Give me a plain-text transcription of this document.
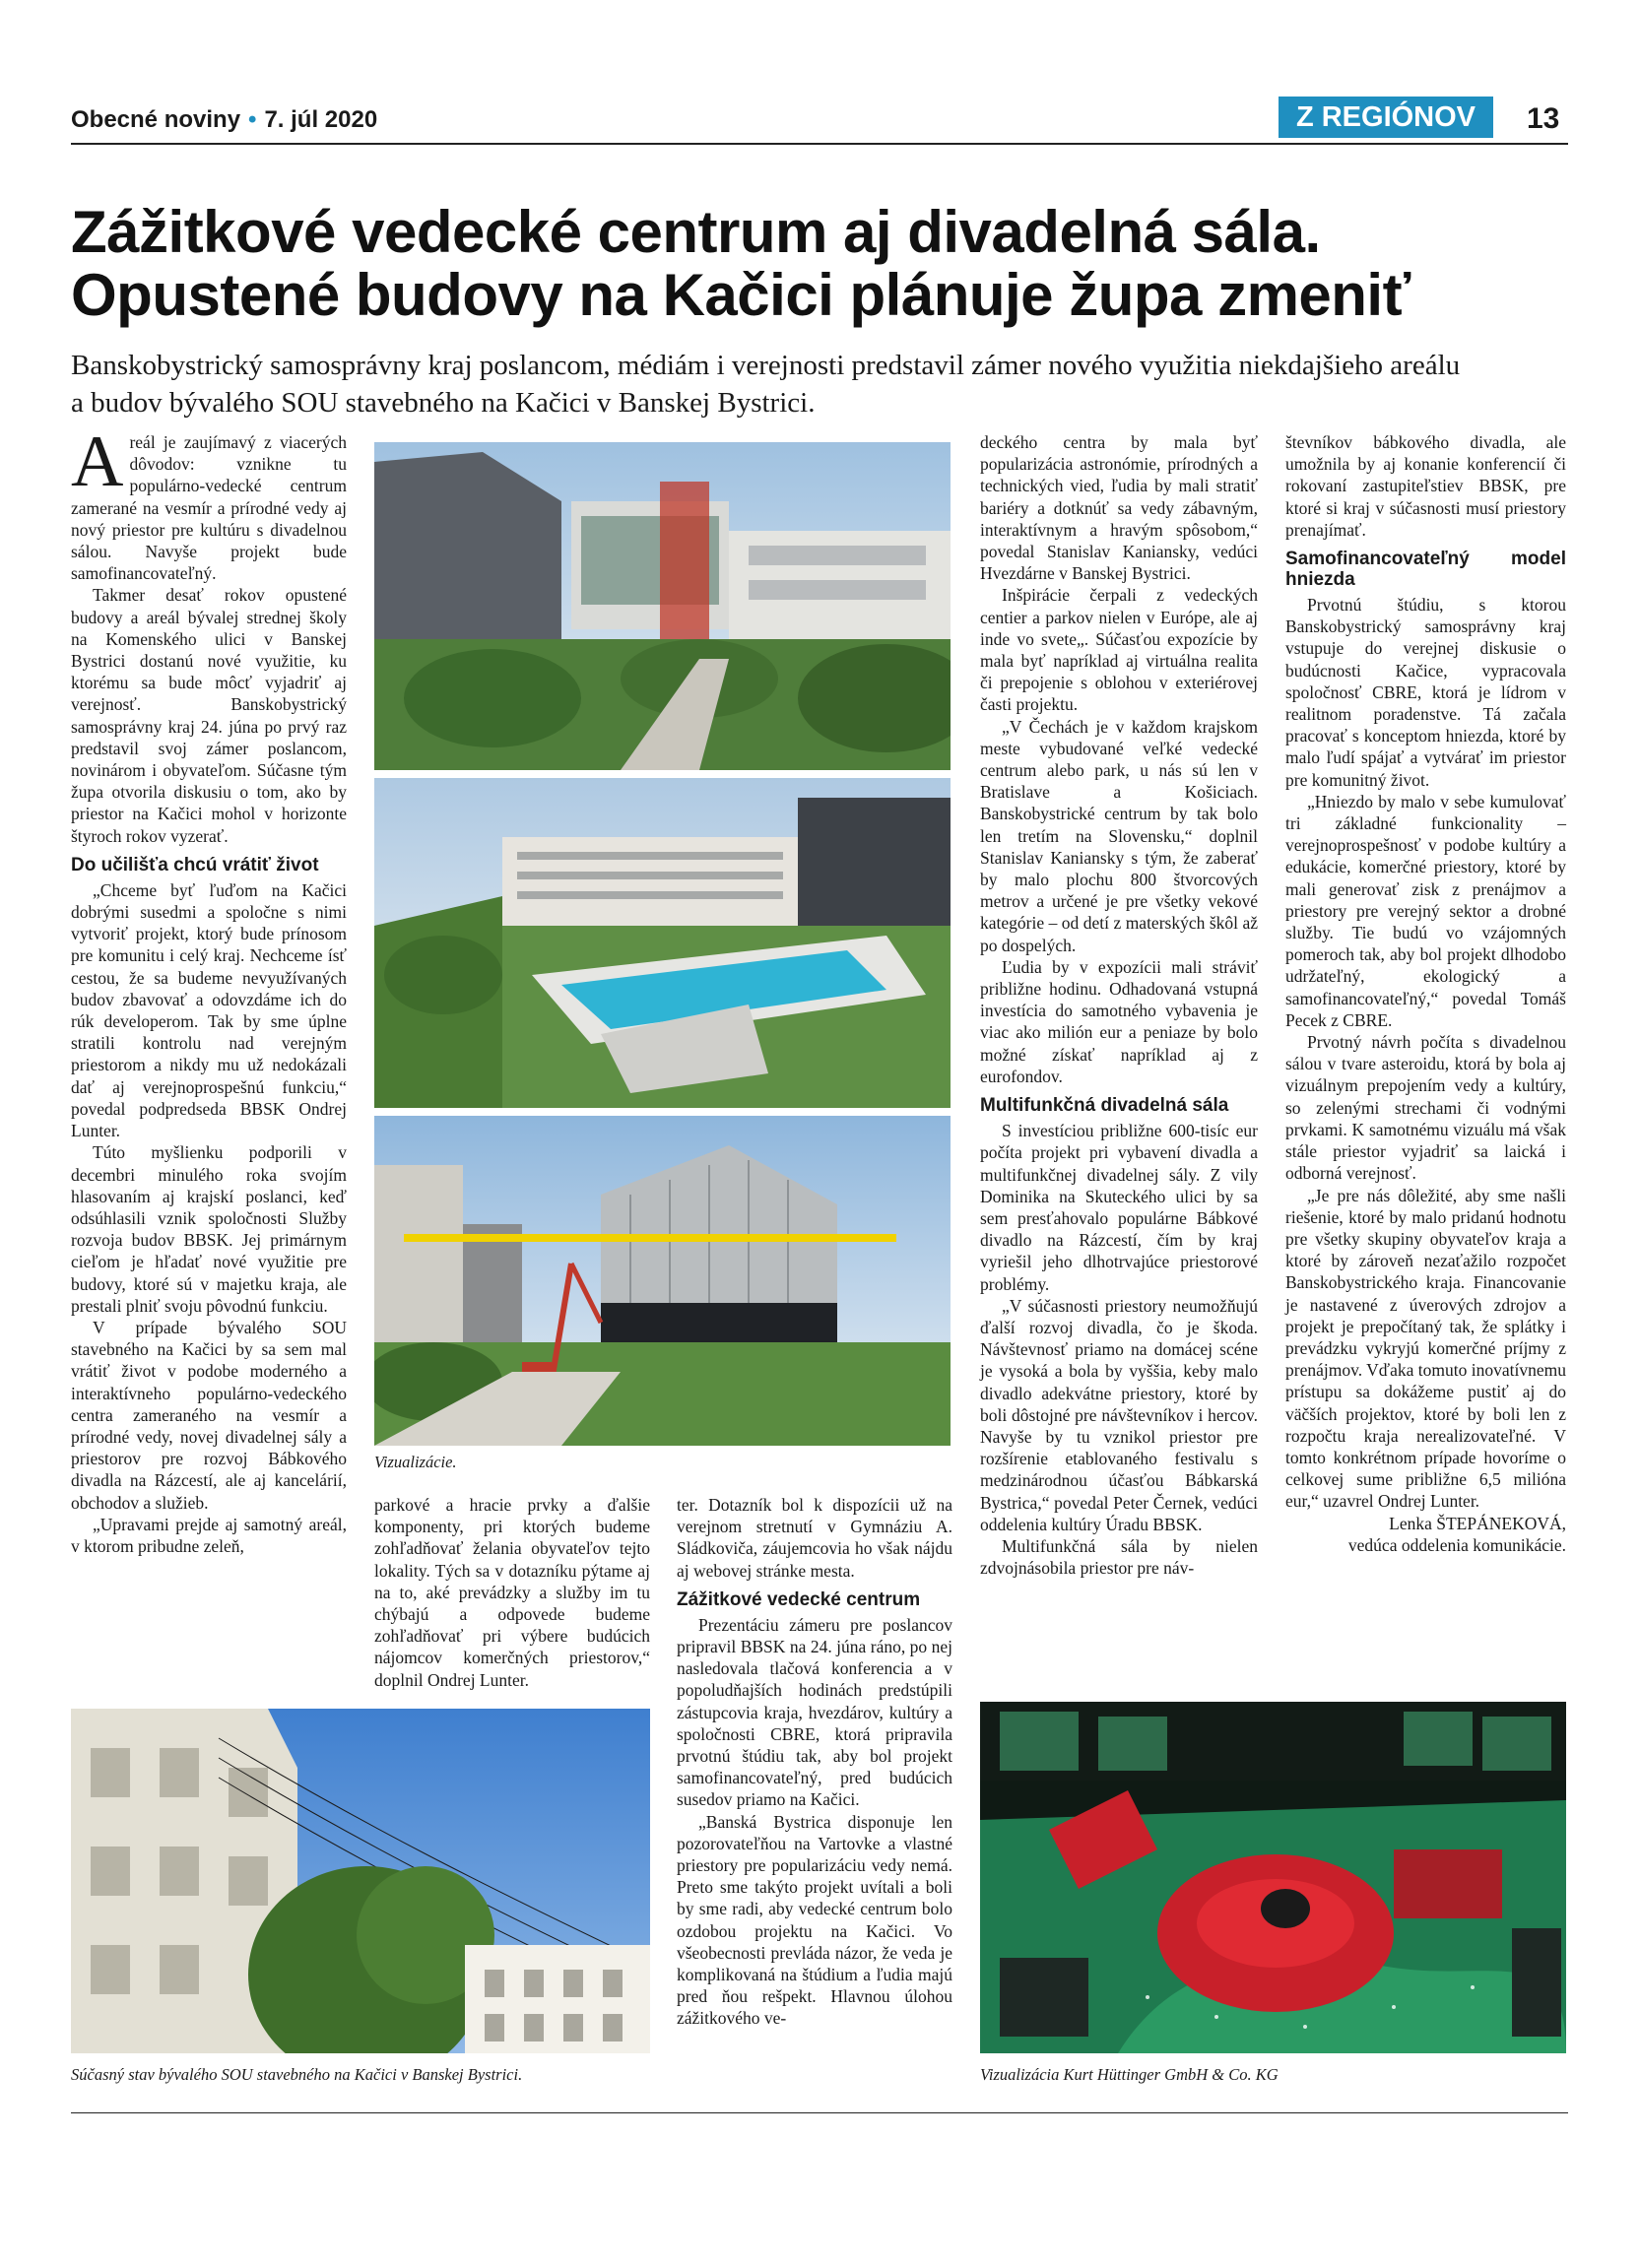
Obecné noviny • 7. júl 2020	Z REGIÓNOV	13
Zážitkové vedecké centrum aj divadelná sála.
Opustené budovy na Kačici plánuje župa zmeniť
Banskobystrický samosprávny kraj poslancom, médiám i verejnosti predstavil zámer nového využitia niekdajšieho areálu
a budov bývalého SOU stavebného na Kačici v Banskej Bystrici.

Areál je zaujímavý z viacerých dôvodov: vznikne tu populárno-vedecké centrum zamerané na vesmír a prírodné vedy aj nový priestor pre kultúru s divadelnou sálou. Navyše projekt bude samofinancovateľný.

Takmer desať rokov opustené budovy a areál bývalej strednej školy na Komenského ulici v Banskej Bystrici dostanú nové využitie, ku ktorému sa bude môcť vyjadriť aj verejnosť. Banskobystrický samosprávny kraj 24. júna po prvý raz predstavil svoj zámer poslancom, novinárom i obyvateľom. Súčasne tým župa otvorila diskusiu o tom, ako by priestor na Kačici mohol v horizonte štyroch rokov vyzerať.

Do učilišťa chcú vrátiť život

„Chceme byť ľuďom na Kačici dobrými susedmi a spoločne s nimi vytvoriť projekt, ktorý bude prínosom pre komunitu i celý kraj. Nechceme ísť cestou, že sa budeme nevyužívaných budov zbavovať a odovzdáme ich do rúk developerom. Tak by sme úplne stratili kontrolu nad verejným priestorom a nikdy mu už nedokázali dať aj verejnoprospešnú funkciu,“ povedal podpredseda BBSK Ondrej Lunter.

Túto myšlienku podporili v decembri minulého roka svojím hlasovaním aj krajskí poslanci, keď odsúhlasili vznik spoločnosti Služby rozvoja budov BBSK. Jej primárnym cieľom je hľadať nové využitie pre budovy, ktoré sú v majetku kraja, ale prestali plniť svoju pôvodnú funkciu.

V prípade bývalého SOU stavebného na Kačici by sa sem mal vrátiť život v podobe moderného a interaktívneho populárno-vedeckého centra zameraného na vesmír a prírodné vedy, novej divadelnej sály a priestorov pre rozvoj Bábkového divadla na Rázcestí, ale aj kancelárií, obchodov a služieb.

„Upravami prejde aj samotný areál, v ktorom pribudne zeleň,

Vizualizácie.

parkové a hracie prvky a ďalšie komponenty, pri ktorých budeme zohľadňovať želania obyvateľov tejto lokality. Tých sa v dotazníku pýtame aj na to, aké prevádzky a služby im tu chýbajú a odpovede budeme zohľadňovať pri výbere budúcich nájomcov komerčných priestorov,“ doplnil Ondrej Lunter.

ter. Dotazník bol k dispozícii už na verejnom stretnutí v Gymnáziu A. Sládkoviča, záujemcovia ho však nájdu aj webovej stránke mesta.

Zážitkové vedecké centrum

Prezentáciu zámeru pre poslancov pripravil BBSK na 24. júna ráno, po nej nasledovala tlačová konferencia a v popoludňajších hodinách predstúpili zástupcovia kraja, hvezdárov, kultúry a spoločnosti CBRE, ktorá pripravila prvotnú štúdiu tak, aby bol projekt samofinancovateľný, pred budúcich susedov priamo na Kačici.

„Banská Bystrica disponuje len pozorovateľňou na Vartovke a vlastné priestory pre popularizáciu vedy nemá. Preto sme takýto projekt uvítali a boli by sme radi, aby vedecké centrum bolo ozdobou projektu na Kačici. Vo všeobecnosti prevláda názor, že veda je komplikovaná na štúdium a ľudia majú pred ňou rešpekt. Hlavnou úlohou zážitkového ve-

deckého centra by mala byť popularizácia astronómie, prírodných a technických vied, ľudia by mali stratiť bariéry a dotknúť sa vedy zábavným, interaktívnym a hravým spôsobom,“ povedal Stanislav Kaniansky, vedúci Hvezdárne v Banskej Bystrici.

Inšpirácie čerpali z vedeckých centier a parkov nielen v Európe, ale aj inde vo svete„. Súčasťou expozície by mala byť napríklad aj virtuálna realita či prepojenie s oblohou v exteriérovej časti projektu.

„V Čechách je v každom krajskom meste vybudované veľké vedecké centrum alebo park, u nás sú len v Bratislave a Košiciach. Banskobystrické centrum by tak bolo len tretím na Slovensku,“ doplnil Stanislav Kaniansky s tým, že zaberať by malo plochu 800 štvorcových metrov a určené je pre všetky vekové kategórie – od detí z materských škôl až po dospelých.

Ľudia by v expozícii mali stráviť približne hodinu. Odhadovaná vstupná investícia do samotného vybavenia je viac ako milión eur a peniaze by bolo možné získať napríklad aj z eurofondov.

Multifunkčná divadelná sála

S investíciou približne 600-tisíc eur počíta projekt pri vybavení divadla a multifunkčnej divadelnej sály. Z vily Dominika na Skuteckého ulici by sa sem presťahovalo populárne Bábkové divadlo na Rázcestí, čím by kraj vyriešil jeho dlhotrvajúce priestorové problémy.

„V súčasnosti priestory neumožňujú ďalší rozvoj divadla, čo je škoda. Návštevnosť priamo na domácej scéne je vysoká a bola by vyššia, keby malo divadlo adekvátne priestory, ktoré by boli dôstojné pre návštevníkov i hercov. Navyše by tu vznikol priestor pre rozšírenie etablovaného festivalu s medzinárodnou účasťou Bábkarská Bystrica,“ povedal Peter Černek, vedúci oddelenia kultúry Úradu BBSK.

Multifunkčná sála by nielen zdvojnásobila priestor pre náv-

števníkov bábkového divadla, ale umožnila by aj konanie konferencií či rokovaní zastupiteľstiev BBSK, pre ktoré si kraj v súčasnosti musí priestory prenajímať.

Samofinancovateľný model hniezda

Prvotnú štúdiu, s ktorou Banskobystrický samosprávny kraj vstupuje do verejnej diskusie o budúcnosti Kačice, vypracovala spoločnosť CBRE, ktorá je lídrom v realitnom poradenstve. Tá začala pracovať s konceptom hniezda, ktoré by malo ľudí spájať a vytvárať im priestor pre komunitný život.

„Hniezdo by malo v sebe kumulovať tri základné funkcionality – verejnoprospešnosť v podobe kultúry a edukácie, komerčné priestory, ktoré by mali generovať zisk z prenájmov a priestory pre verejný sektor a drobné služby. Tie budú vo vzájomných pomeroch tak, aby bol projekt dlhodobo udržateľný, ekologický a samofinancovateľný,“ povedal Tomáš Pecek z CBRE.

Prvotný návrh počíta s divadelnou sálou v tvare asteroidu, ktorá by bola aj vizuálnym prepojením vedy a kultúry, so zelenými strechami či vodnými prvkami. K samotnému vizuálu má však stále priestor vyjadriť sa laická i odborná verejnosť.

„Je pre nás dôležité, aby sme našli riešenie, ktoré by malo pridanú hodnotu pre všetky skupiny obyvateľov kraja a ktoré by zároveň nezaťažilo rozpočet Banskobystrického kraja. Financovanie je nastavené z úverových zdrojov a projekt je prepočítaný tak, že splátky i prevádzku vykryjú komerčné príjmy z prenájmov. Vďaka tomuto inovatívnemu prístupu sa dokážeme pustiť aj do väčších projektov, ktoré by boli len z rozpočtu kraja nerealizovateľné. V tomto konkrétnom prípade hovoríme o celkovej sume približne 6,5 milióna eur,“ uzavrel Ondrej Lunter.

Lenka ŠTEPÁNEKOVÁ,

vedúca oddelenia komunikácie.

Súčasný stav bývalého SOU stavebného na Kačici v Banskej Bystrici.	Vizualizácia Kurt Hüttinger GmbH & Co. KG
